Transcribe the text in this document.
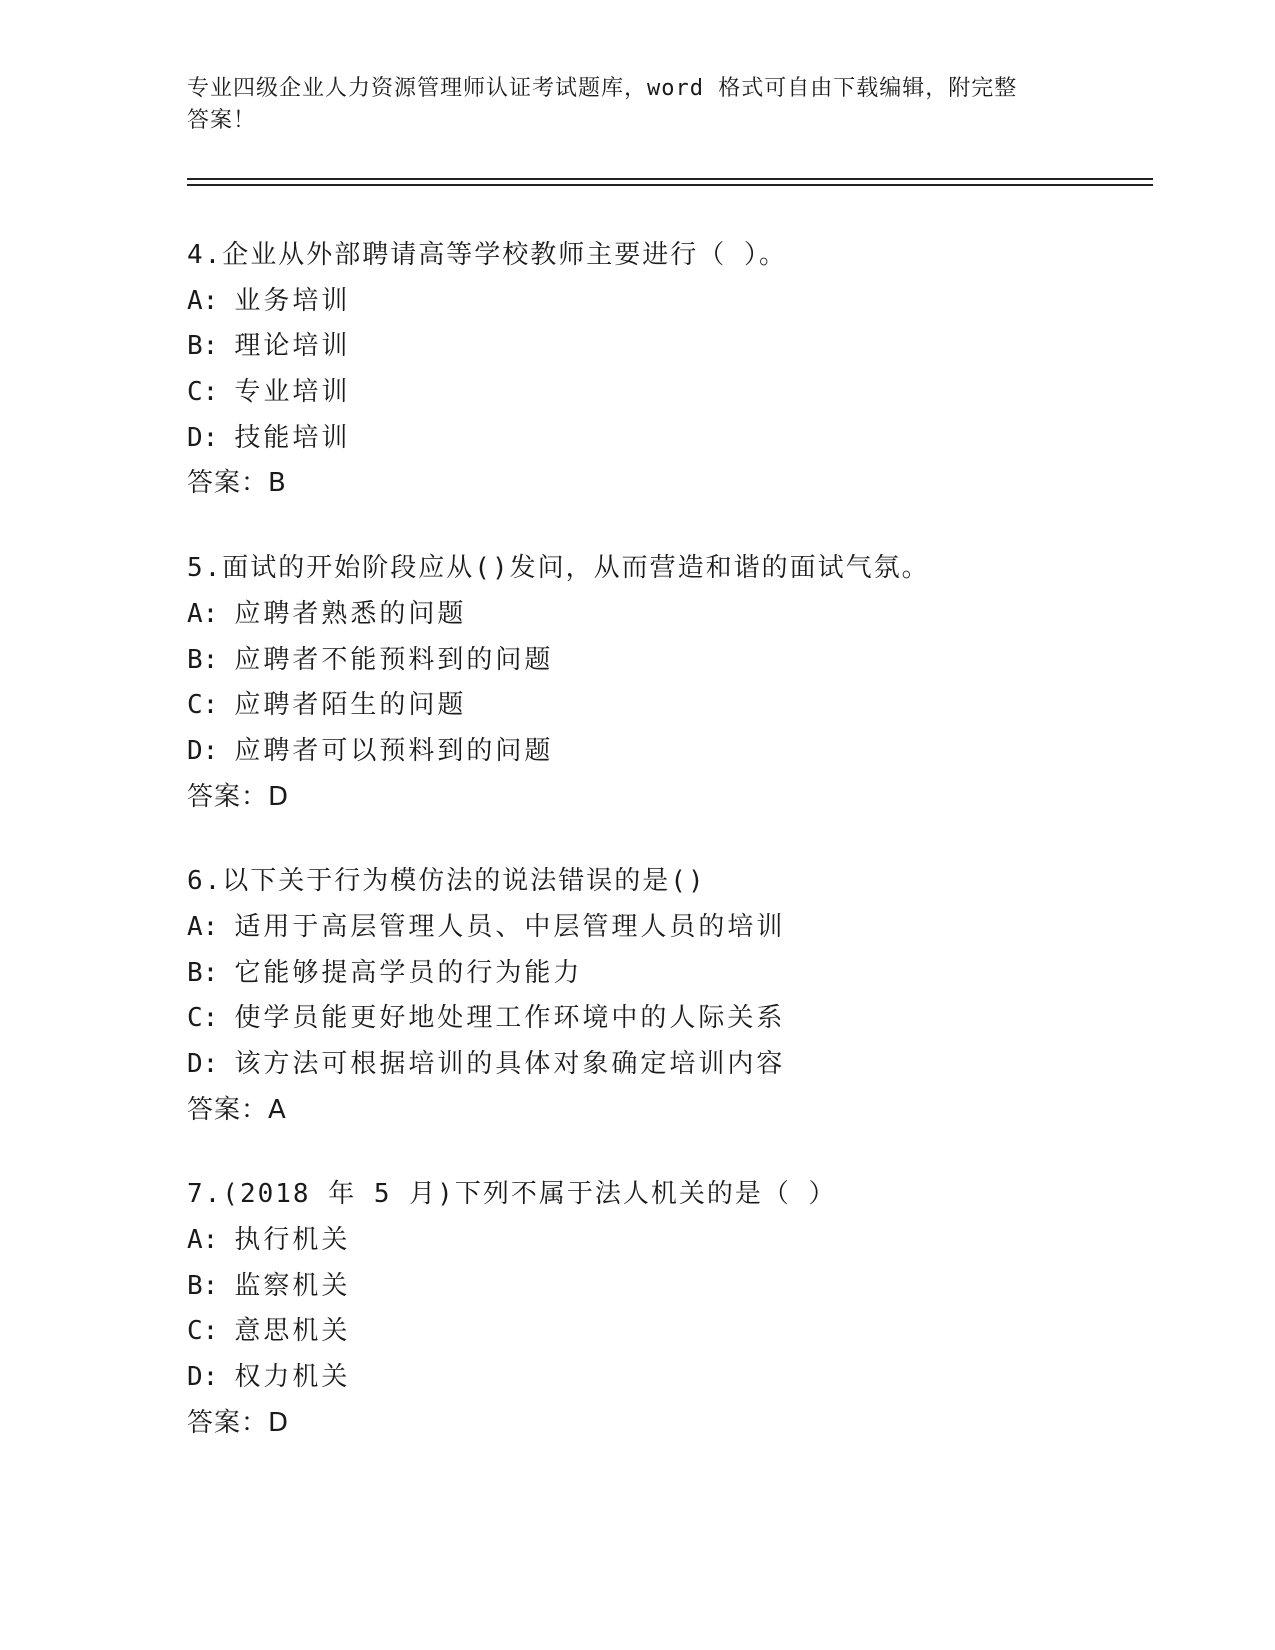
专业四级企业人力资源管理师认证考试题库，word 格式可自由下载编辑，附完整
答案！
4.企业从外部聘请高等学校教师主要进行（ ）。
A: 业务培训
B: 理论培训
C: 专业培训
D: 技能培训
答案：B
5.面试的开始阶段应从()发问，从而营造和谐的面试气氛。
A: 应聘者熟悉的问题
B: 应聘者不能预料到的问题
C: 应聘者陌生的问题
D: 应聘者可以预料到的问题
答案：D
6.以下关于行为模仿法的说法错误的是()
A: 适用于高层管理人员、中层管理人员的培训
B: 它能够提高学员的行为能力
C: 使学员能更好地处理工作环境中的人际关系
D: 该方法可根据培训的具体对象确定培训内容
答案：A
7.(2018 年 5 月)下列不属于法人机关的是（ ）
A: 执行机关
B: 监察机关
C: 意思机关
D: 权力机关
答案：D
